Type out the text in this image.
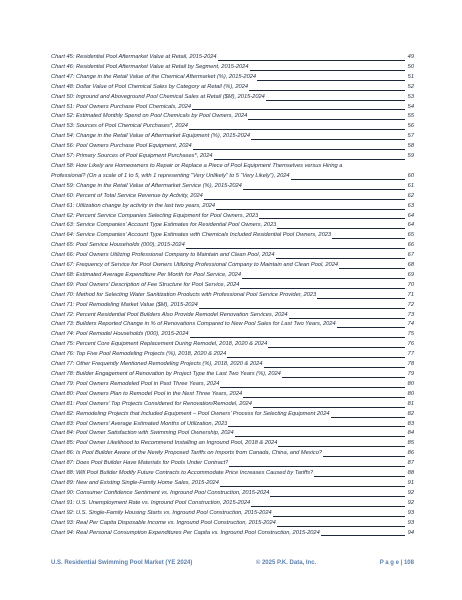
Chart 45: Residential Pool Aftermarket Value at Retail, 2015-2024	49
Chart 46: Residential Pool Aftermarket Value at Retail by Segment, 2015-2024	50
Chart 47: Change in the Retail Value of the Chemical Aftermarket (%), 2015-2024	51
Chart 48: Dollar Value of Pool Chemical Sales by Category at Retail (%), 2024	52
Chart 50: Inground and Aboveground Pool Chemical Sales at Retail ($M), 2015-2024	53
Chart 51: Pool Owners Purchase Pool Chemicals, 2024	54
Chart 52: Estimated Monthly Spend on Pool Chemicals by Pool Owners, 2024	55
Chart 53: Sources of Pool Chemical Purchases*, 2024	56
Chart 54: Change in the Retail Value of Aftermarket Equipment (%), 2015-2024	57
Chart 56: Pool Owners Purchase Pool Equipment, 2024	58
Chart 57: Primary Sources of Pool Equipment Purchases*, 2024	59
Chart 58: How Likely are Homeowners to Repair or Replace a Piece of Pool Equipment Themselves versus Hiring a
Professional? (On a scale of 1 to 5, with 1 representing “Very Unlikely” to 5 “Very Likely”), 2024	60
Chart 59: Change in the Retail Value of Aftermarket Service (%), 2015-2024	61
Chart 60: Percent of Total Service Revenue by Activity, 2024	62
Chart 61: Utilization change by activity in the last two years, 2024	63
Chart 62: Percent Service Companies Selecting Equipment for Pool Owners, 2023	64
Chart 63: Service Companies’ Account Type Estimates for Residential Pool Owners, 2023	64
Chart 64: Service Companies’ Account Type Estimates with Chemicals Included Residential Pool Owners, 2023	65
Chart 65: Pool Service Households (000), 2015-2024	66
Chart 66: Pool Owners Utilizing Professional Company to Maintain and Clean Pool, 2024	67
Chart 67: Frequency of Service for Pool Owners Utilizing Professional Company to Maintain and Clean Pool, 2024	68
Chart 68: Estimated Average Expenditure Per Month for Pool Service, 2024	69
Chart 69: Pool Owners’ Description of Fee Structure for Pool Service, 2024	70
Chart 70: Method for Selecting Water Sanitization Products with Professional Pool Service Provider, 2023	71
Chart 71: Pool Remodeling Market Value ($M), 2015-2024	72
Chart 72: Percent Residential Pool Builders Also Provide Remodel Renovation Services, 2024	73
Chart 73: Builders Reported Change in % of Renovations Compared to New Pool Sales for Last Two Years, 2024	74
Chart 74: Pool Remodel Households (000), 2015-2024	75
Chart 75: Percent Core Equipment Replacement During Remodel, 2018, 2020 & 2024	76
Chart 76: Top Five Pool Remodeling Projects (%), 2018, 2020 & 2024	77
Chart 77: Other Frequently Mentioned Remodeling Projects (%), 2018, 2020 & 2024	78
Chart 78: Builder Engagement of Renovation by Project Type the Last Two Years (%), 2024	79
Chart 79: Pool Owners Remodeled Pool in Past Three Years, 2024	80
Chart 80: Pool Owners Plan to Remodel Pool in the Next Three Years, 2024	80
Chart 81: Pool Owners’ Top Projects Considered for Renovation/Remodel, 2024	81
Chart 82: Remodeling Projects that Included Equipment – Pool Owners’ Process for Selecting Equipment 2024	82
Chart 83: Pool Owners’ Average Estimated Months of Utilization, 2023	83
Chart 84: Pool Owner Satisfaction with Swimming Pool Ownership, 2024	84
Chart 85: Pool Owner Likelihood to Recommend Installing an Inground Pool, 2018 & 2024	85
Chart 86: Is Pool Builder Aware of the Newly Proposed Tariffs on Imports from Canada, China, and Mexico?	86
Chart 87: Does Pool Builder Have Materials for Pools Under Contract?	87
Chart 88: Will Pool Builder Modify Future Contracts to Accommodate Price Increases Caused by Tariffs?	88
Chart 89: New and Existing Single-Family Home Sales, 2015-2024	91
Chart 90: Consumer Confidence Sentiment vs. Inground Pool Construction, 2015-2024	92
Chart 91: U.S. Unemployment Rate vs. Inground Pool Construction, 2015-2024	92
Chart 92: U.S. Single-Family Housing Starts vs. Inground Pool Construction, 2015-2024	93
Chart 93: Real Per Capita Disposable Income vs. Inground Pool Construction, 2015-2024	93
Chart 94: Real Personal Consumption Expenditures Per Capita vs. Inground Pool Construction, 2015-2024	94
U.S. Residential Swimming Pool Market (YE 2024)	© 2025 P.K. Data, Inc.	P a g e | 108
